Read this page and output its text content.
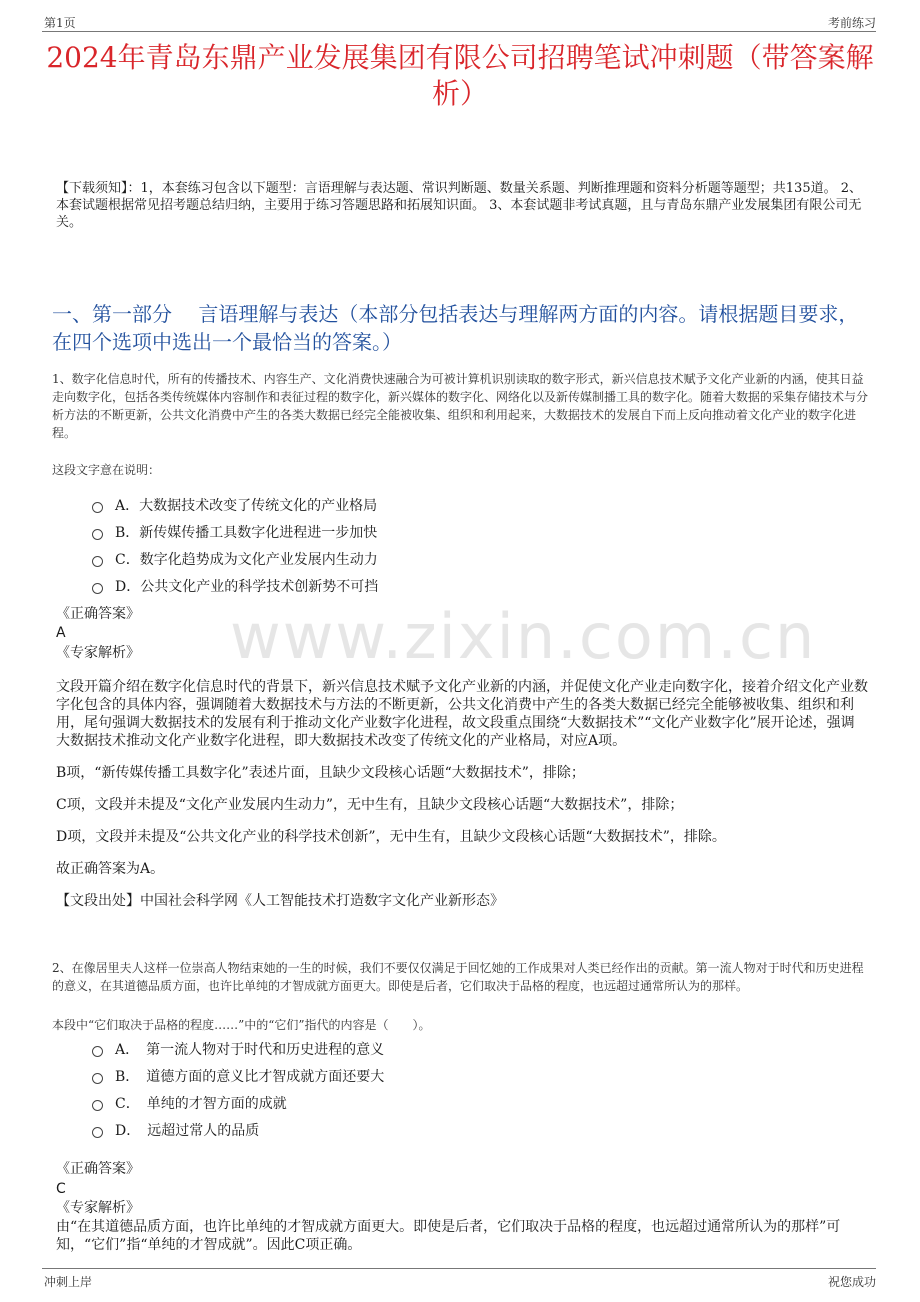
第1页	考前练习
www.zixin.com.cn
2024年青岛东鼎产业发展集团有限公司招聘笔试冲刺题（带答案解析）
【下载须知】：1，本套练习包含以下题型：言语理解与表达题、常识判断题、数量关系题、判断推理题和资料分析题等题型；共135道。 2、本套试题根据常见招考题总结归纳，主要用于练习答题思路和拓展知识面。 3、本套试题非考试真题，且与青岛东鼎产业发展集团有限公司无关。
一、第一部分　 言语理解与表达（本部分包括表达与理解两方面的内容。请根据题目要求，在四个选项中选出一个最恰当的答案。）
1、数字化信息时代，所有的传播技术、内容生产、文化消费快速融合为可被计算机识别读取的数字形式，新兴信息技术赋予文化产业新的内涵，使其日益走向数字化，包括各类传统媒体内容制作和表征过程的数字化，新兴媒体的数字化、网络化以及新传媒制播工具的数字化。随着大数据的采集存储技术与分析方法的不断更新，公共文化消费中产生的各类大数据已经完全能被收集、组织和利用起来，大数据技术的发展自下而上反向推动着文化产业的数字化进程。
这段文字意在说明：
A．大数据技术改变了传统文化的产业格局
B．新传媒传播工具数字化进程进一步加快
C．数字化趋势成为文化产业发展内生动力
D．公共文化产业的科学技术创新势不可挡
《正确答案》
A
《专家解析》
文段开篇介绍在数字化信息时代的背景下，新兴信息技术赋予文化产业新的内涵，并促使文化产业走向数字化，接着介绍文化产业数字化包含的具体内容，强调随着大数据技术与方法的不断更新，公共文化消费中产生的各类大数据已经完全能够被收集、组织和利用，尾句强调大数据技术的发展有利于推动文化产业数字化进程，故文段重点围绕“大数据技术”“文化产业数字化”展开论述，强调大数据技术推动文化产业数字化进程，即大数据技术改变了传统文化的产业格局，对应A项。
B项，“新传媒传播工具数字化”表述片面，且缺少文段核心话题“大数据技术”，排除；
C项，文段并未提及“文化产业发展内生动力”，无中生有，且缺少文段核心话题“大数据技术”，排除；
D项，文段并未提及“公共文化产业的科学技术创新”，无中生有，且缺少文段核心话题“大数据技术”，排除。
故正确答案为A。
【文段出处】中国社会科学网《人工智能技术打造数字文化产业新形态》
2、在像居里夫人这样一位崇高人物结束她的一生的时候，我们不要仅仅满足于回忆她的工作成果对人类已经作出的贡献。第一流人物对于时代和历史进程的意义，在其道德品质方面，也许比单纯的才智成就方面更大。即使是后者，它们取决于品格的程度，也远超过通常所认为的那样。
本段中“它们取决于品格的程度……”中的“它们”指代的内容是（　　）。
A．　第一流人物对于时代和历史进程的意义
B．　道德方面的意义比才智成就方面还要大
C．　单纯的才智方面的成就
D．　远超过常人的品质
《正确答案》
C
《专家解析》
由“在其道德品质方面，也许比单纯的才智成就方面更大。即使是后者，它们取决于品格的程度，也远超过通常所认为的那样”可知，“它们”指“单纯的才智成就”。因此C项正确。
冲刺上岸	祝您成功
